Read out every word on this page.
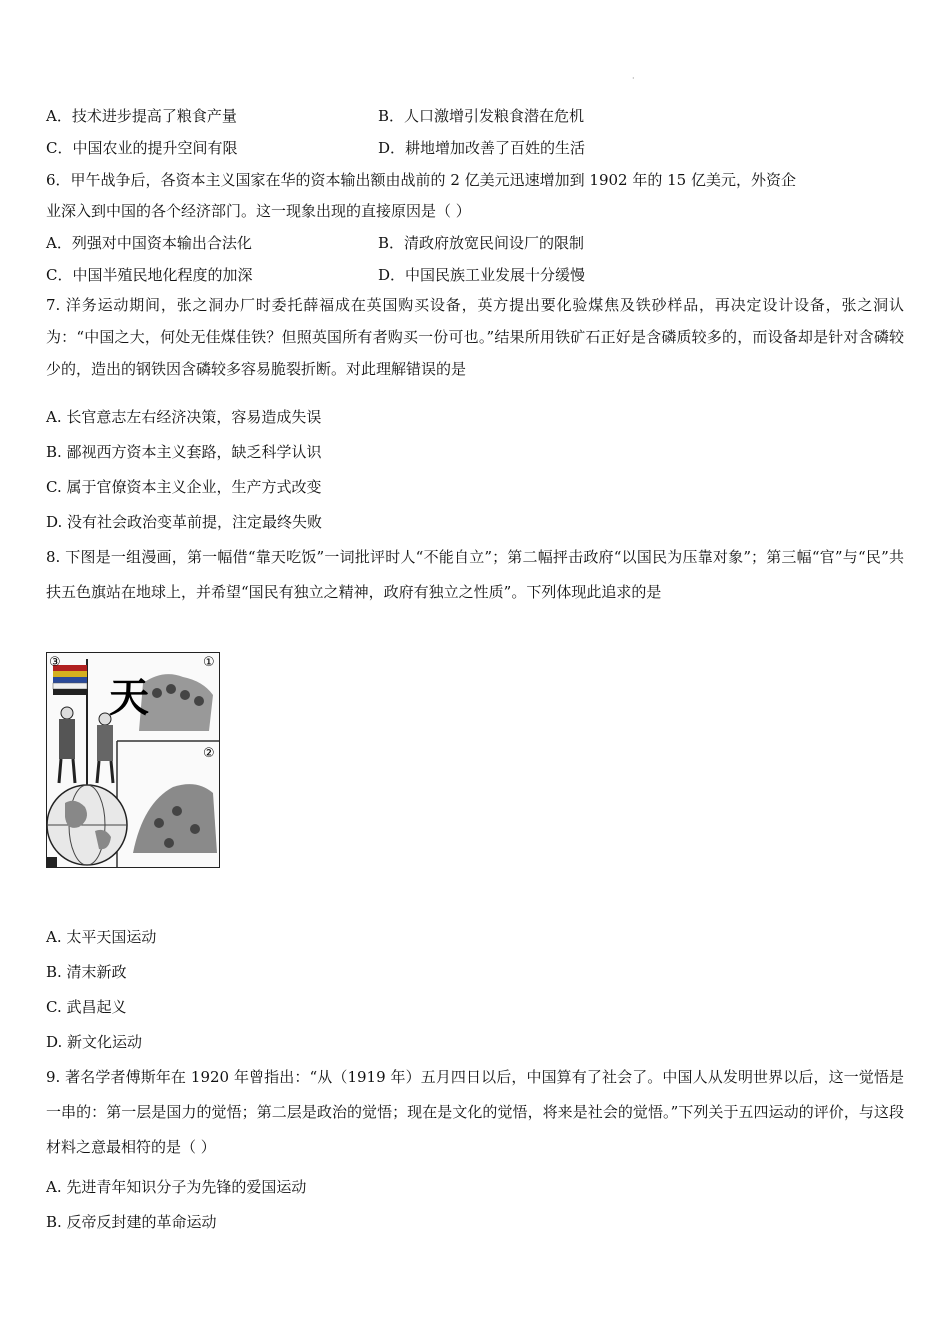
·
A．技术进步提高了粮食产量	B．人口激增引发粮食潜在危机
C．中国农业的提升空间有限	D．耕地增加改善了百姓的生活
6．甲午战争后，各资本主义国家在华的资本输出额由战前的 2 亿美元迅速增加到 1902 年的 15 亿美元，外资企
业深入到中国的各个经济部门。这一现象出现的直接原因是（ ）
A．列强对中国资本输出合法化	B．清政府放宽民间设厂的限制
C．中国半殖民地化程度的加深	D．中国民族工业发展十分缓慢
7. 洋务运动期间，张之洞办厂时委托薛福成在英国购买设备，英方提出要化验煤焦及铁砂样品，再决定设计设备，张之洞认为：“中国之大，何处无佳煤佳铁？但照英国所有者购买一份可也。”结果所用铁矿石正好是含磷质较多的，而设备却是针对含磷较少的，造出的钢铁因含磷较多容易脆裂折断。对此理解错误的是
A. 长官意志左右经济决策，容易造成失误
B. 鄙视西方资本主义套路，缺乏科学认识
C. 属于官僚资本主义企业，生产方式改变
D. 没有社会政治变革前提，注定最终失败
8. 下图是一组漫画，第一幅借“靠天吃饭”一词批评时人“不能自立”；第二幅抨击政府“以国民为压靠对象”；第三幅“官”与“民”共扶五色旗站在地球上，并希望“国民有独立之精神，政府有独立之性质”。下列体现此追求的是
③	①
②
天
A. 太平天国运动
B. 清末新政
C. 武昌起义
D. 新文化运动
9. 著名学者傅斯年在 1920 年曾指出：“从（1919 年）五月四日以后，中国算有了社会了。中国人从发明世界以后，这一觉悟是一串的：第一层是国力的觉悟；第二层是政治的觉悟；现在是文化的觉悟，将来是社会的觉悟。”下列关于五四运动的评价，与这段材料之意最相符的是（ ）
A. 先进青年知识分子为先锋的爱国运动
B. 反帝反封建的革命运动
